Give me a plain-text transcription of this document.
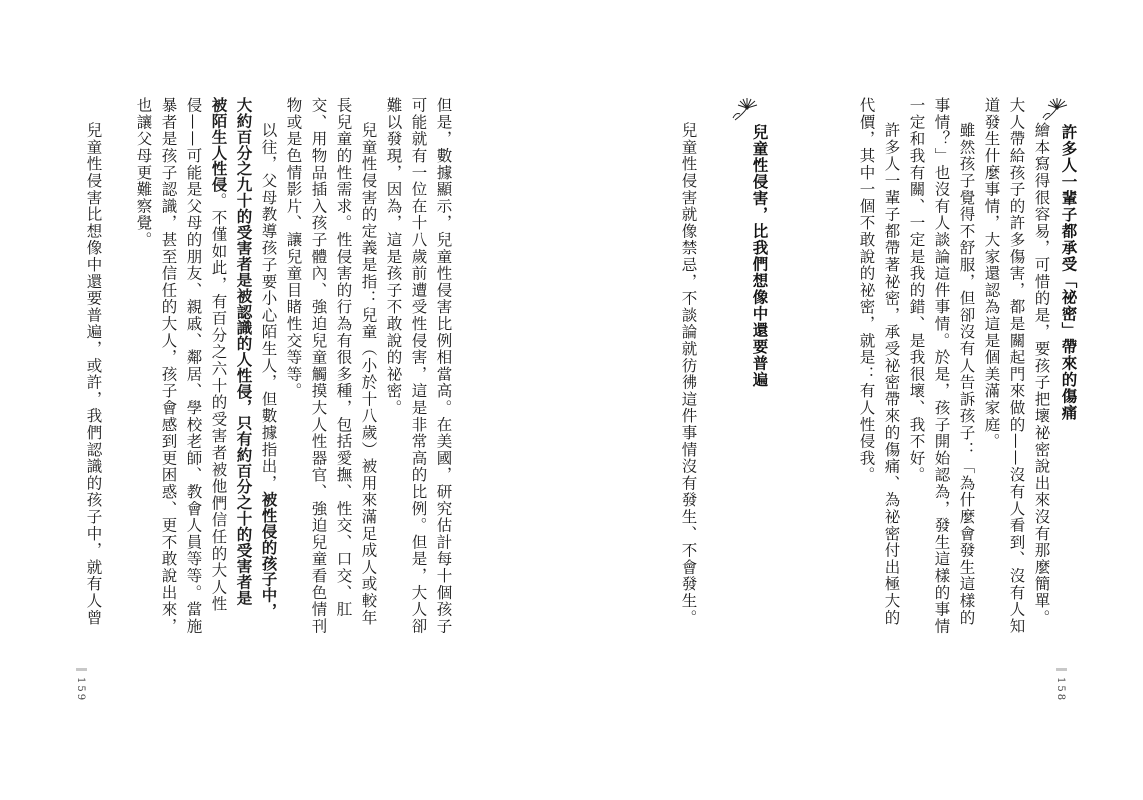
許多人一輩子都承受「祕密」帶來的傷痛
繪本寫得很容易，可惜的是，要孩子把壞祕密說出來沒有那麼簡單。
大人帶給孩子的許多傷害，都是關起門來做的——沒有人看到、沒有人知
道發生什麼事情，大家還認為這是個美滿家庭。
雖然孩子覺得不舒服，但卻沒有人告訴孩子：「為什麼會發生這樣的
事情？」也沒有人談論這件事情。於是，孩子開始認為，發生這樣的事情
一定和我有關、一定是我的錯、是我很壞、我不好。
許多人一輩子都帶著祕密，承受祕密帶來的傷痛、為祕密付出極大的
代價，其中一個不敢說的祕密，就是：有人性侵我。
兒童性侵害，比我們想像中還要普遍
兒童性侵害就像禁忌，不談論就彷彿這件事情沒有發生、不會發生。
158
但是，數據顯示，兒童性侵害比例相當高。在美國，研究估計每十個孩子
可能就有一位在十八歲前遭受性侵害，這是非常高的比例。但是，大人卻
難以發現，因為，這是孩子不敢說的祕密。
兒童性侵害的定義是指：兒童（小於十八歲）被用來滿足成人或較年
長兒童的性需求。性侵害的行為有很多種，包括愛撫、性交、口交、肛
交、用物品插入孩子體內、強迫兒童觸摸大人性器官、強迫兒童看色情刊
物或是色情影片、讓兒童目睹性交等等。
以往，父母教導孩子要小心陌生人，但數據指出，被性侵的孩子中，
大約百分之九十的受害者是被認識的人性侵，只有約百分之十的受害者是
被陌生人性侵。不僅如此，有百分之六十的受害者被他們信任的大人性
侵——可能是父母的朋友、親戚、鄰居、學校老師、教會人員等等。當施
暴者是孩子認識，甚至信任的大人，孩子會感到更困惑、更不敢說出來，
也讓父母更難察覺。
兒童性侵害比想像中還要普遍，或許，我們認識的孩子中，就有人曾
159
